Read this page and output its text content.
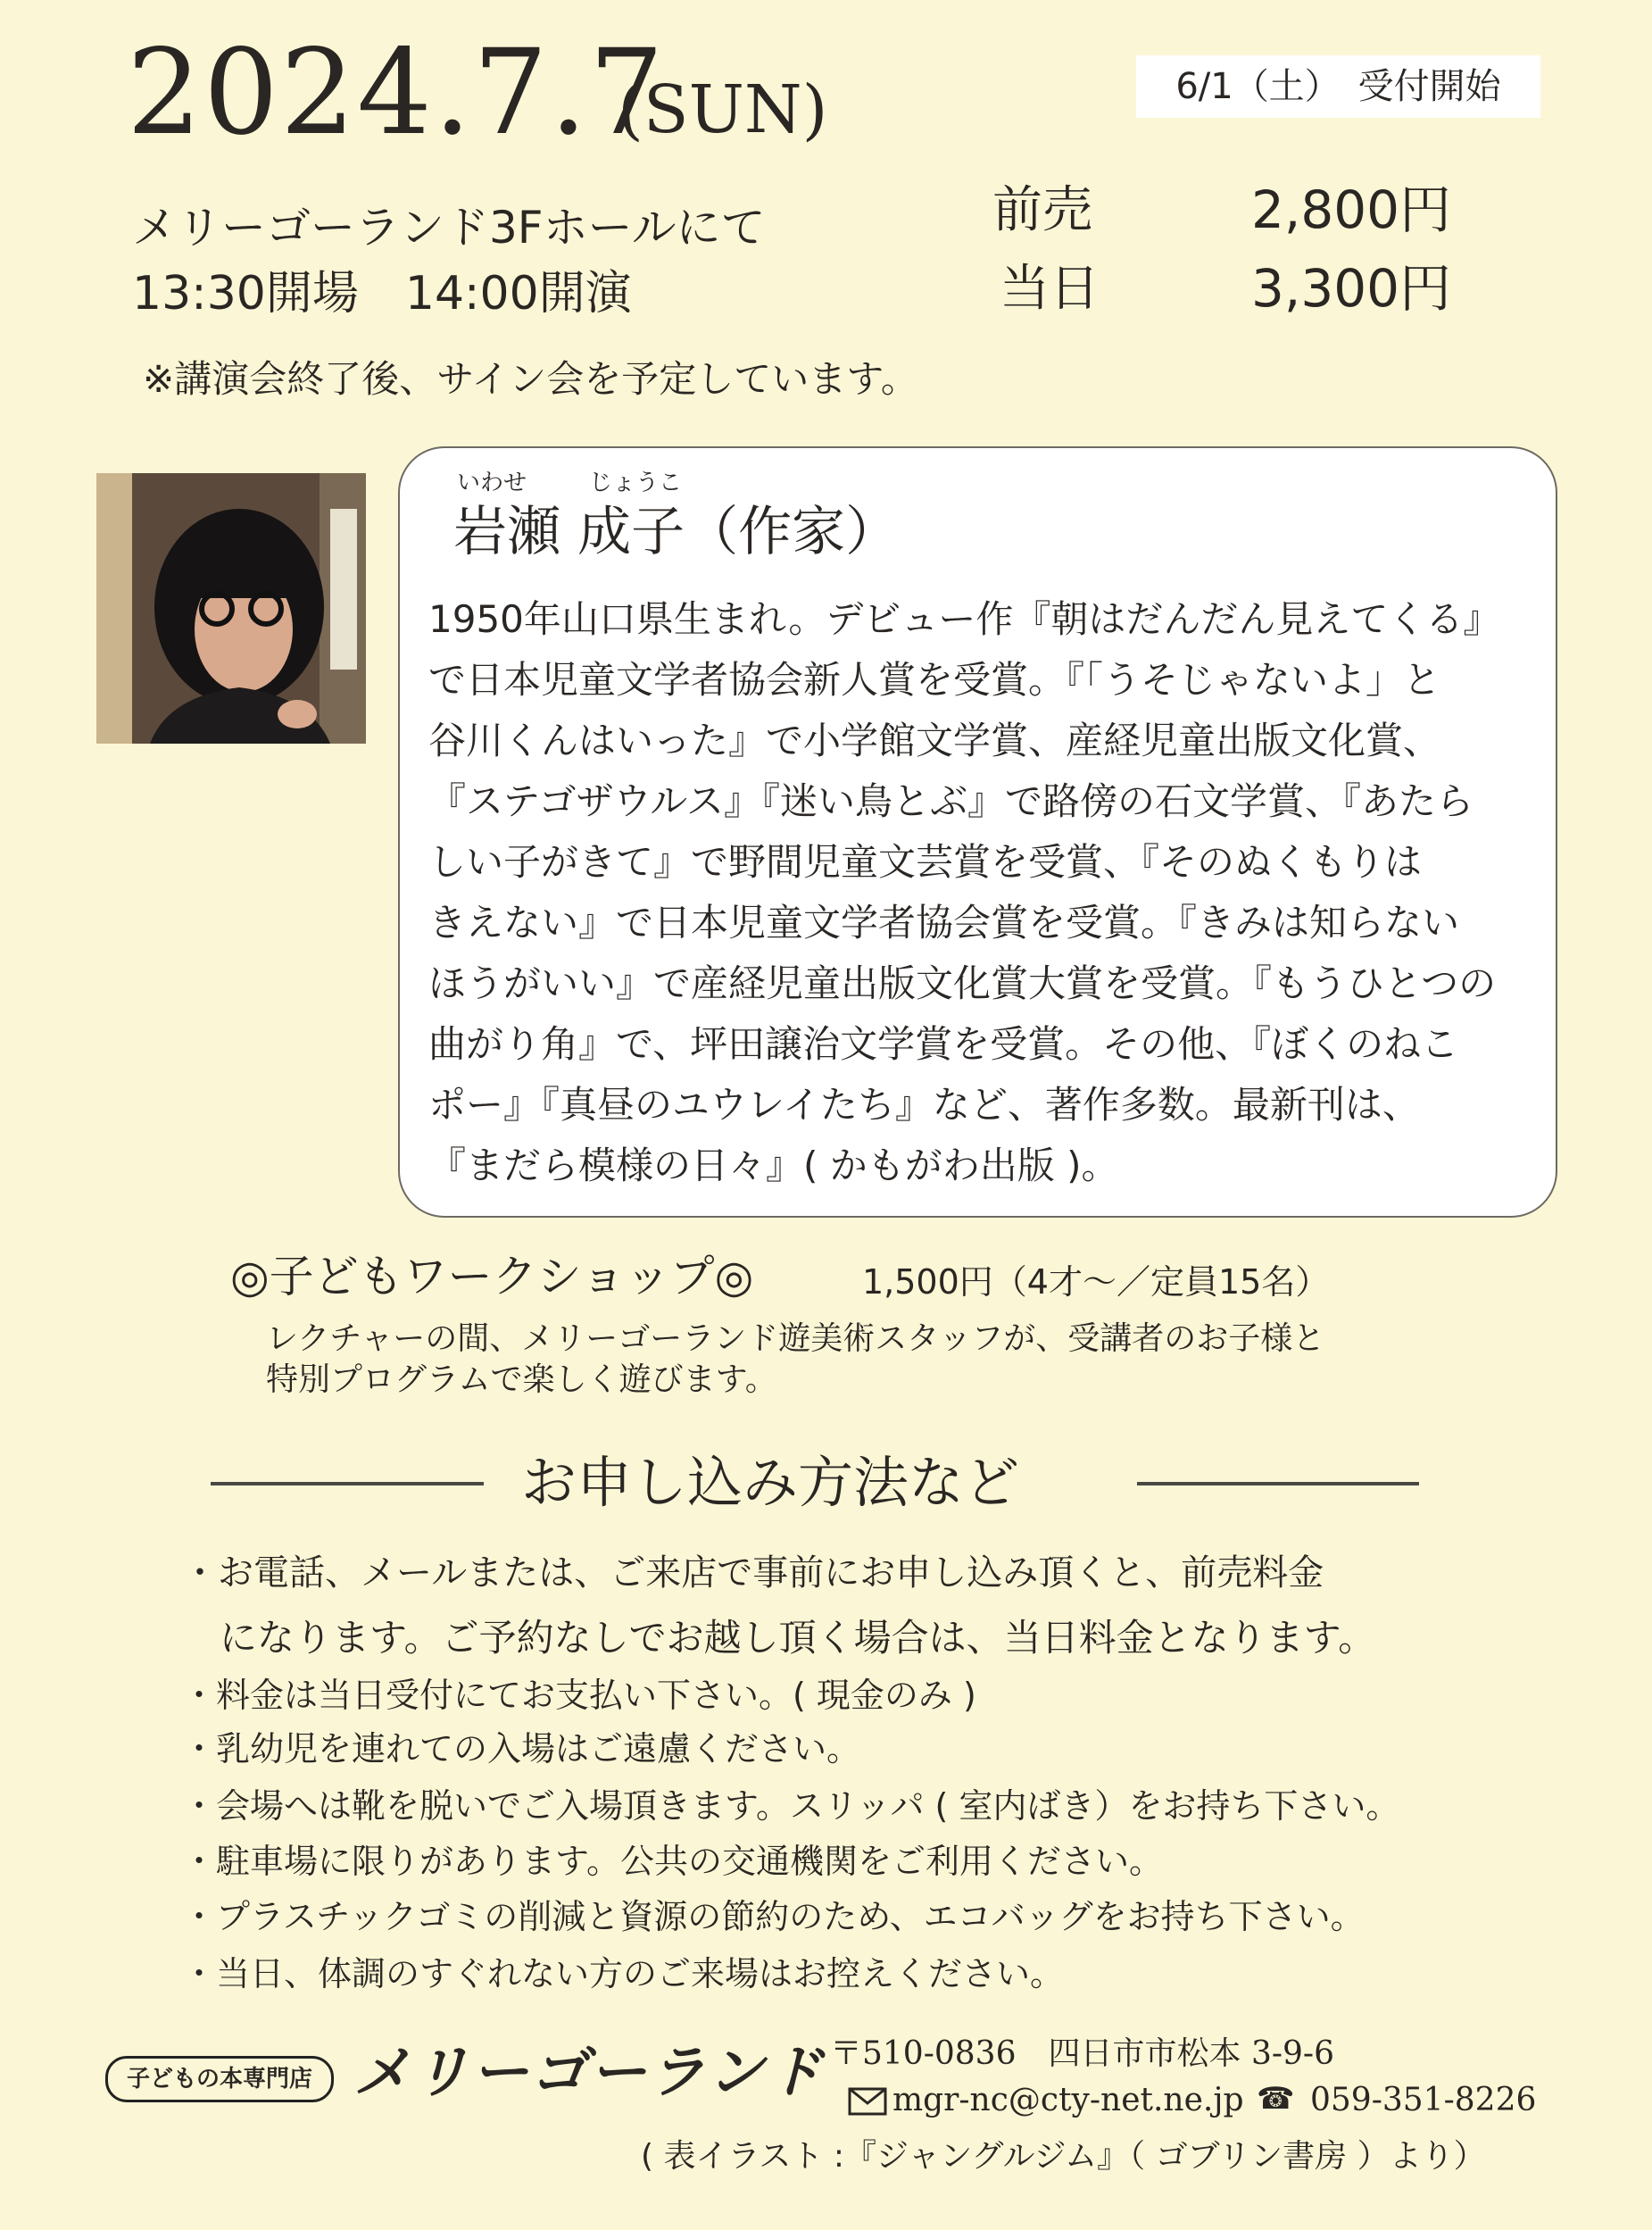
2024.7.7
(SUN)	6/1（土）　受付開始
メリーゴーランド3Fホールにて
13:30開場　14:00開演
前売	2,800円
当日	3,300円
※講演会終了後、サイン会を予定しています。
いわせ	じょうこ
岩瀬 成子（作家）
1950年山口県生まれ。デビュー作『朝はだんだん見えてくる』
で日本児童文学者協会新人賞を受賞。『「うそじゃないよ」と
谷川くんはいった』で小学館文学賞、産経児童出版文化賞、
『ステゴザウルス』『迷い鳥とぶ』で路傍の石文学賞、『あたら
しい子がきて』で野間児童文芸賞を受賞、『そのぬくもりは
きえない』で日本児童文学者協会賞を受賞。『きみは知らない
ほうがいい』で産経児童出版文化賞大賞を受賞。『もうひとつの
曲がり角』で、坪田譲治文学賞を受賞。その他、『ぼくのねこ
ポー』『真昼のユウレイたち』など、著作多数。最新刊は、
『まだら模様の日々』( かもがわ出版 )。
◎子どもワークショップ◎	1,500円（4才～／定員15名）
レクチャーの間、メリーゴーランド遊美術スタッフが、受講者のお子様と
特別プログラムで楽しく遊びます。
お申し込み方法など
・お電話、メールまたは、ご来店で事前にお申し込み頂くと、前売料金
　になります。ご予約なしでお越し頂く場合は、当日料金となります。
・料金は当日受付にてお支払い下さい。( 現金のみ )
・乳幼児を連れての入場はご遠慮ください。
・会場へは靴を脱いでご入場頂きます。スリッパ ( 室内ばき）をお持ち下さい。
・駐車場に限りがあります。公共の交通機関をご利用ください。
・プラスチックゴミの削減と資源の節約のため、エコバッグをお持ち下さい。
・当日、体調のすぐれない方のご来場はお控えください。
子どもの本専門店 メリーゴーランド 〒510-0836　四日市市松本 3-9-6
mgr-nc@cty-net.ne.jp ☎ 059-351-8226
( 表イラスト :『ジャングルジム』（ ゴブリン書房 ）より）
